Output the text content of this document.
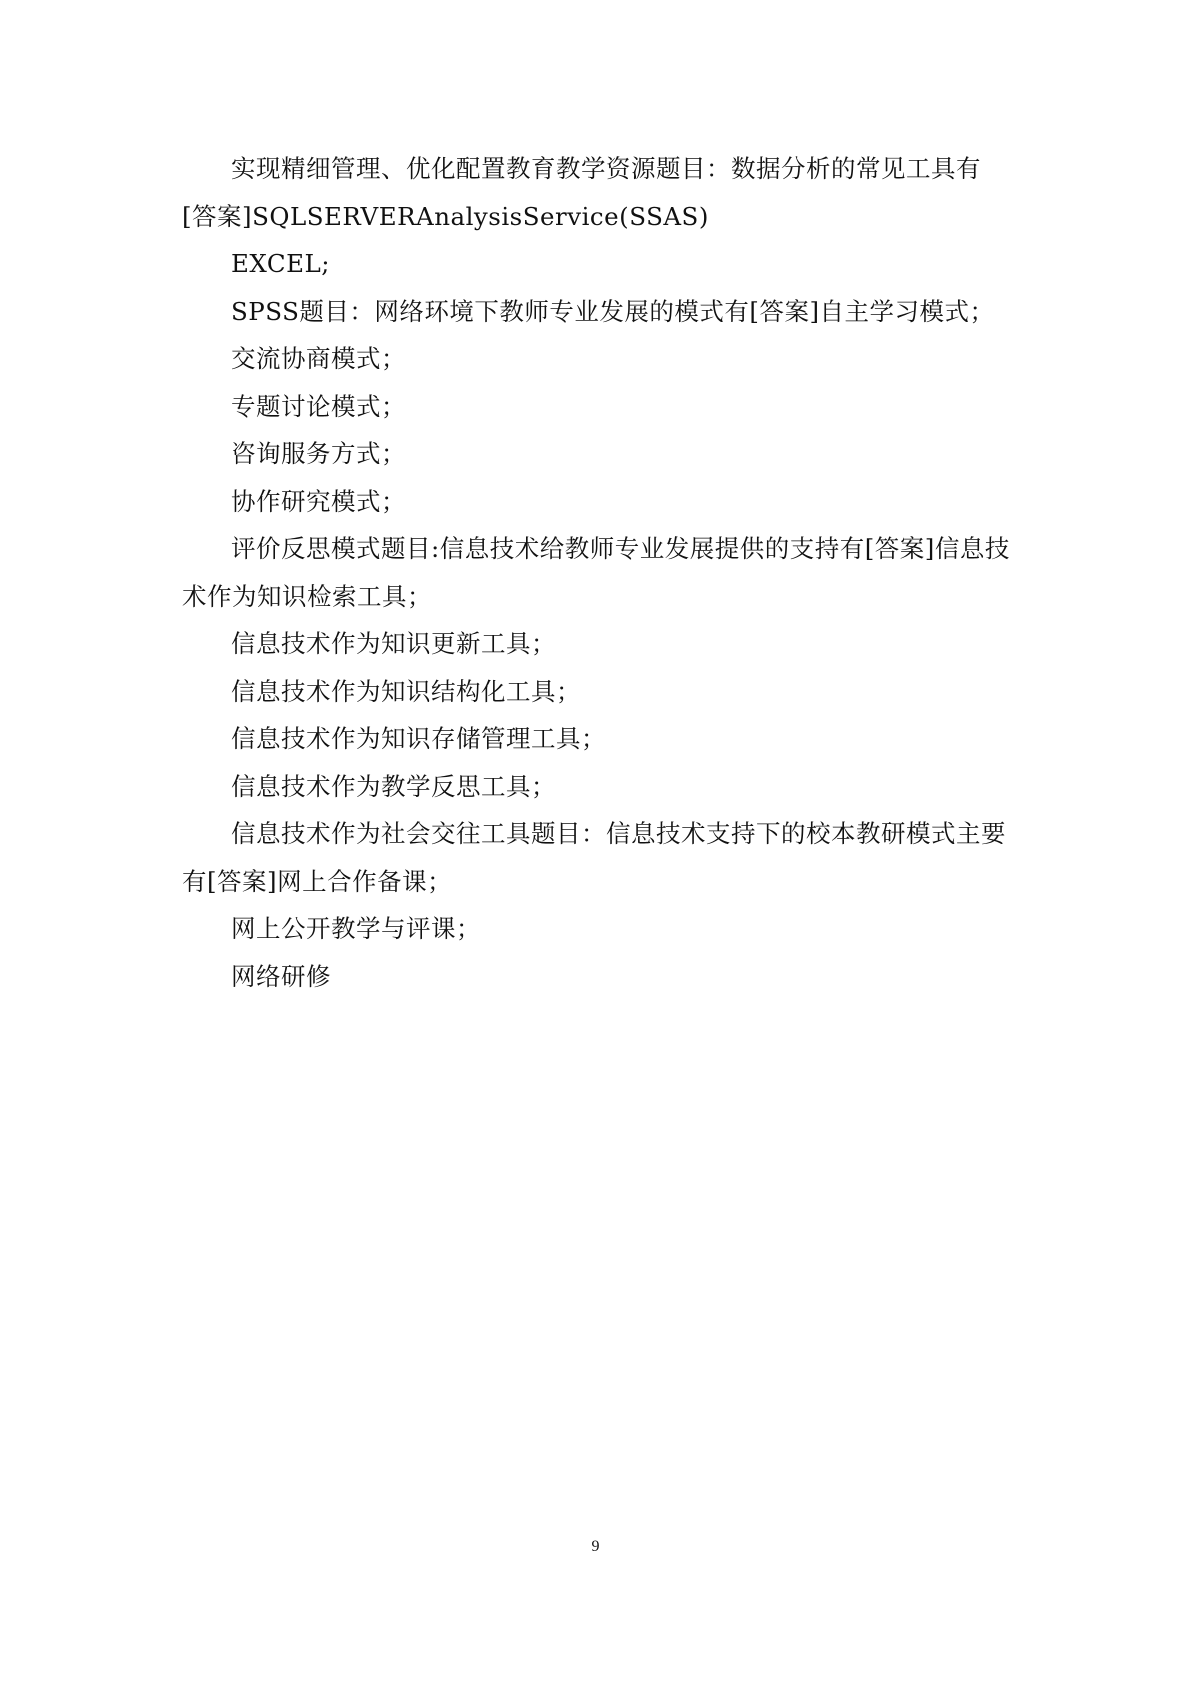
实现精细管理、优化配置教育教学资源题目：数据分析的常见工具有[答案]SQLSERVERAnalysisService(SSAS)

EXCEL;

SPSS题目：网络环境下教师专业发展的模式有[答案]自主学习模式；

交流协商模式；

专题讨论模式；

咨询服务方式；

协作研究模式；

评价反思模式题目:信息技术给教师专业发展提供的支持有[答案]信息技术作为知识检索工具；

信息技术作为知识更新工具；

信息技术作为知识结构化工具；

信息技术作为知识存储管理工具；

信息技术作为教学反思工具；

信息技术作为社会交往工具题目：信息技术支持下的校本教研模式主要有[答案]网上合作备课；

网上公开教学与评课；

网络研修

9
